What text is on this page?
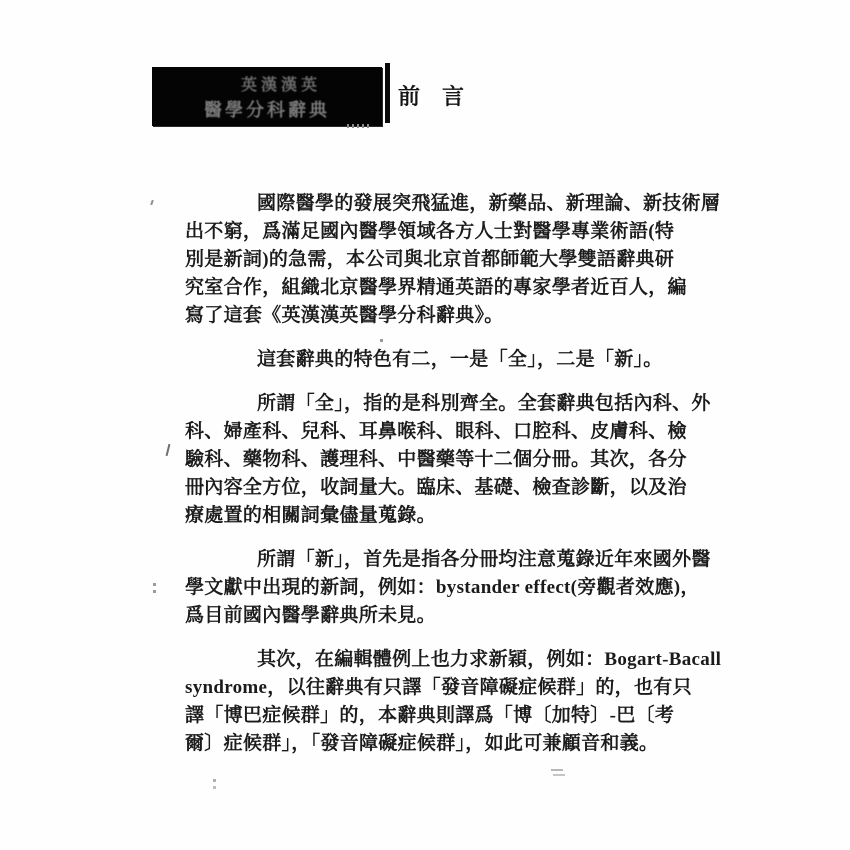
英漢漢英
醫學分科辭典
前　言

國際醫學的發展突飛猛進，新藥品、新理論、新技術層
出不窮，爲滿足國內醫學領域各方人士對醫學專業術語(特
別是新詞)的急需，本公司與北京首都師範大學雙語辭典研
究室合作，組織北京醫學界精通英語的專家學者近百人，編
寫了這套《英漢漢英醫學分科辭典》。

這套辭典的特色有二，一是「全」，二是「新」。

所謂「全」，指的是科別齊全。全套辭典包括內科、外
科、婦產科、兒科、耳鼻喉科、眼科、口腔科、皮膚科、檢
驗科、藥物科、護理科、中醫藥等十二個分冊。其次，各分
冊內容全方位，收詞量大。臨床、基礎、檢查診斷，以及治
療處置的相關詞彙儘量蒐錄。

所謂「新」，首先是指各分冊均注意蒐錄近年來國外醫
學文獻中出現的新詞，例如：bystander effect(旁觀者效應)，
爲目前國內醫學辭典所未見。

其次，在編輯體例上也力求新穎，例如：Bogart-Bacall
syndrome，以往辭典有只譯「發音障礙症候群」的，也有只
譯「博巴症候群」的，本辭典則譯爲「博〔加特〕-巴〔考
爾〕症候群」，「發音障礙症候群」，如此可兼顧音和義。
